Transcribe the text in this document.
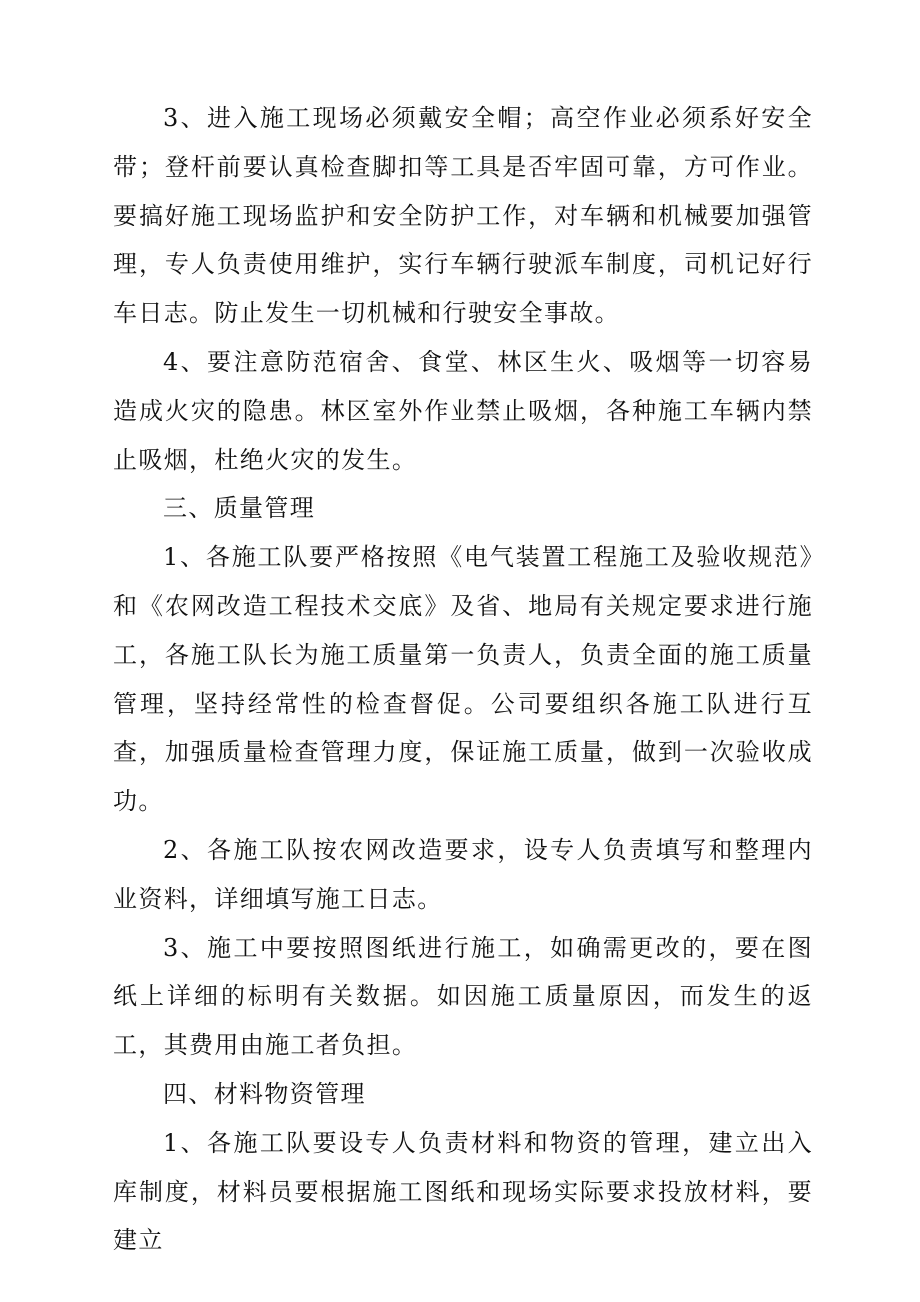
3、进入施工现场必须戴安全帽；高空作业必须系好安全带；登杆前要认真检查脚扣等工具是否牢固可靠，方可作业。要搞好施工现场监护和安全防护工作，对车辆和机械要加强管理，专人负责使用维护，实行车辆行驶派车制度，司机记好行车日志。防止发生一切机械和行驶安全事故。

4、要注意防范宿舍、食堂、林区生火、吸烟等一切容易造成火灾的隐患。林区室外作业禁止吸烟，各种施工车辆内禁止吸烟，杜绝火灾的发生。

三、质量管理

1、各施工队要严格按照《电气装置工程施工及验收规范》和《农网改造工程技术交底》及省、地局有关规定要求进行施工，各施工队长为施工质量第一负责人，负责全面的施工质量管理，坚持经常性的检查督促。公司要组织各施工队进行互查，加强质量检查管理力度，保证施工质量，做到一次验收成功。

2、各施工队按农网改造要求，设专人负责填写和整理内业资料，详细填写施工日志。

3、施工中要按照图纸进行施工，如确需更改的，要在图纸上详细的标明有关数据。如因施工质量原因，而发生的返工，其费用由施工者负担。

四、材料物资管理

1、各施工队要设专人负责材料和物资的管理，建立出入库制度，材料员要根据施工图纸和现场实际要求投放材料，要建立
